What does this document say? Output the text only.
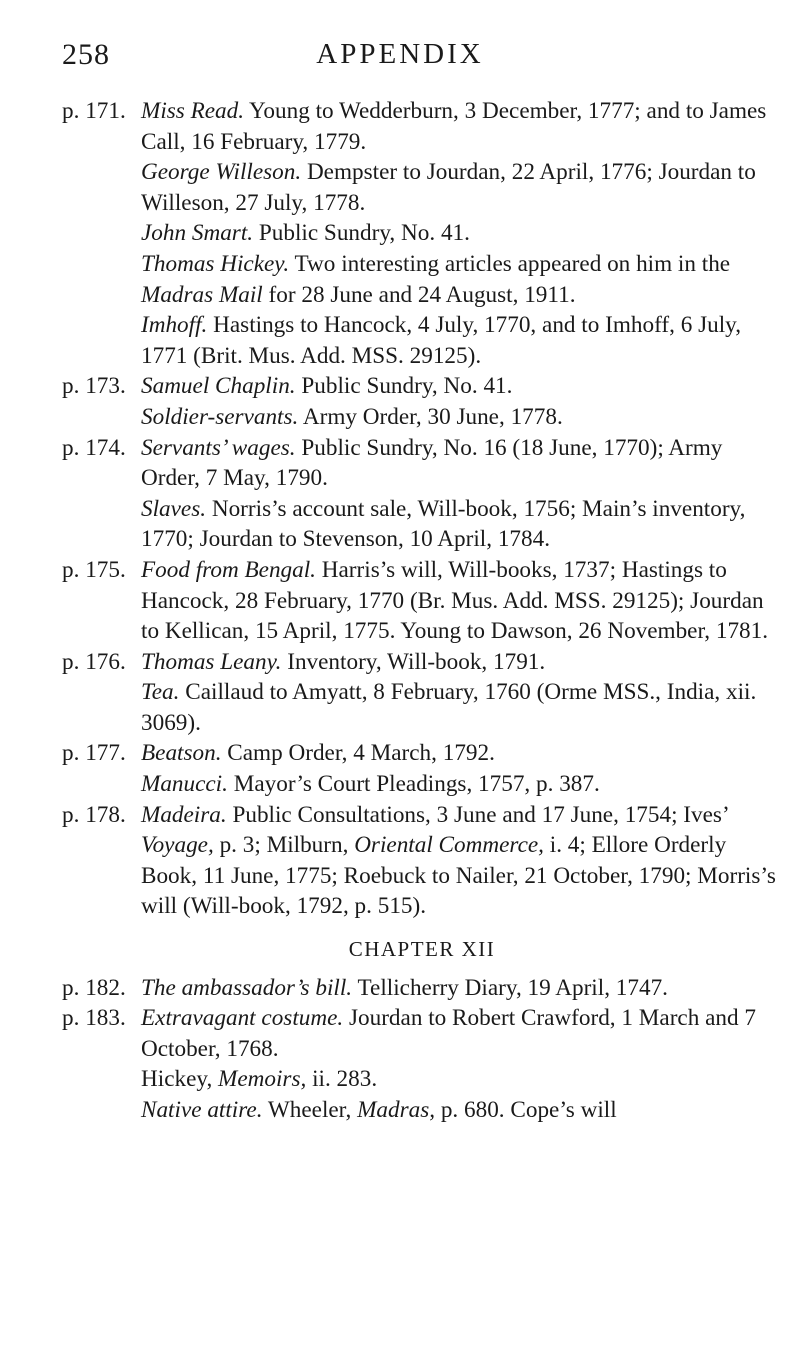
258	APPENDIX
p. 171. Miss Read. Young to Wedderburn, 3 December, 1777; and to James Call, 16 February, 1779.
George Willeson. Dempster to Jourdan, 22 April, 1776; Jourdan to Willeson, 27 July, 1778.
John Smart. Public Sundry, No. 41.
Thomas Hickey. Two interesting articles appeared on him in the Madras Mail for 28 June and 24 August, 1911.
Imhoff. Hastings to Hancock, 4 July, 1770, and to Imhoff, 6 July, 1771 (Brit. Mus. Add. MSS. 29125).
p. 173. Samuel Chaplin. Public Sundry, No. 41.
Soldier-servants. Army Order, 30 June, 1778.
p. 174. Servants’ wages. Public Sundry, No. 16 (18 June, 1770); Army Order, 7 May, 1790.
Slaves. Norris’s account sale, Will-book, 1756; Main’s inventory, 1770; Jourdan to Stevenson, 10 April, 1784.
p. 175. Food from Bengal. Harris’s will, Will-books, 1737; Hastings to Hancock, 28 February, 1770 (Br. Mus. Add. MSS. 29125); Jourdan to Kellican, 15 April, 1775. Young to Dawson, 26 November, 1781.
p. 176. Thomas Leany. Inventory, Will-book, 1791.
Tea. Caillaud to Amyatt, 8 February, 1760 (Orme MSS., India, xii. 3069).
p. 177. Beatson. Camp Order, 4 March, 1792.
Manucci. Mayor’s Court Pleadings, 1757, p. 387.
p. 178. Madeira. Public Consultations, 3 June and 17 June, 1754; Ives’ Voyage, p. 3; Milburn, Oriental Commerce, i. 4; Ellore Orderly Book, 11 June, 1775; Roebuck to Nailer, 21 October, 1790; Morris’s will (Will-book, 1792, p. 515).
CHAPTER XII
p. 182. The ambassador’s bill. Tellicherry Diary, 19 April, 1747.
p. 183. Extravagant costume. Jourdan to Robert Crawford, 1 March and 7 October, 1768.
Hickey, Memoirs, ii. 283.
Native attire. Wheeler, Madras, p. 680. Cope’s will
